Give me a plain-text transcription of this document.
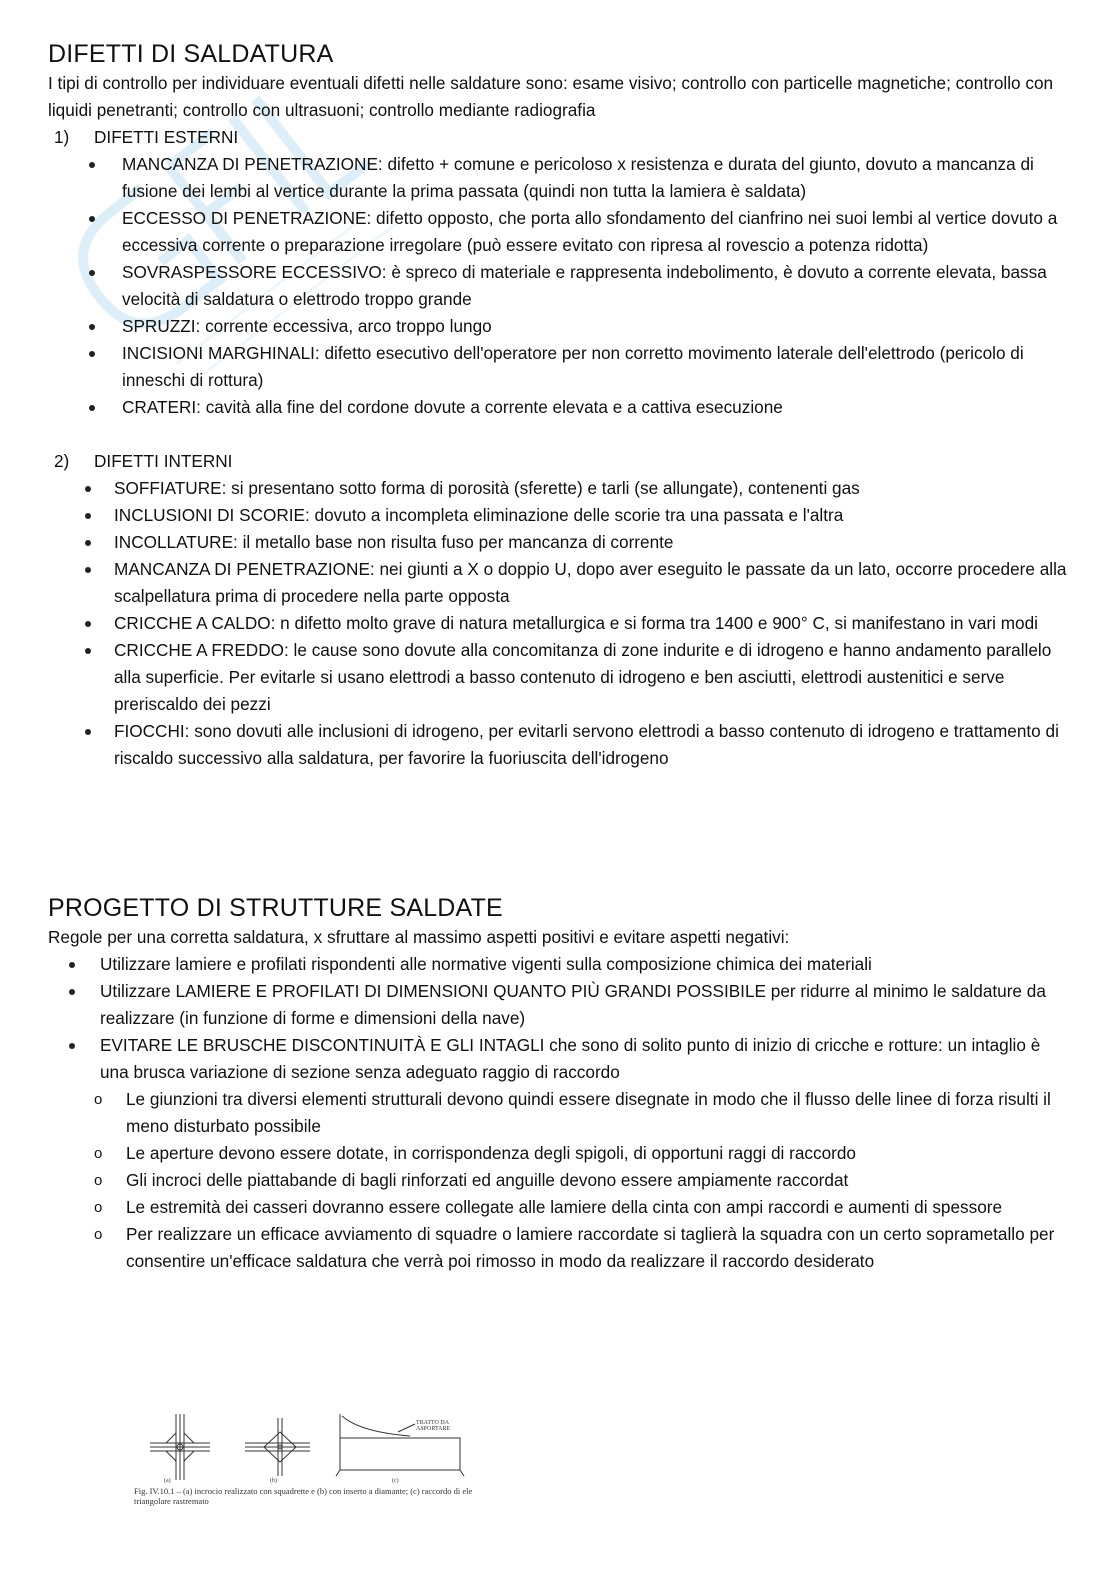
DIFETTI DI SALDATURA

I tipi di controllo per individuare eventuali difetti nelle saldature sono: esame visivo; controllo con particelle magnetiche; controllo con liquidi penetranti; controllo con ultrasuoni; controllo mediante radiografia

1) DIFETTI ESTERNI
MANCANZA DI PENETRAZIONE: difetto + comune e pericoloso x resistenza e durata del giunto, dovuto a mancanza di fusione dei lembi al vertice durante la prima passata (quindi non tutta la lamiera è saldata)
ECCESSO DI PENETRAZIONE: difetto opposto, che porta allo sfondamento del cianfrino nei suoi lembi al vertice dovuto a eccessiva corrente o preparazione irregolare (può essere evitato con ripresa al rovescio a potenza ridotta)
SOVRASPESSORE ECCESSIVO: è spreco di materiale e rappresenta indebolimento, è dovuto a corrente elevata, bassa velocità di saldatura o elettrodo troppo grande
SPRUZZI: corrente eccessiva, arco troppo lungo
INCISIONI MARGHINALI: difetto esecutivo dell'operatore per non corretto movimento laterale dell'elettrodo (pericolo di inneschi di rottura)
CRATERI: cavità alla fine del cordone dovute a corrente elevata e a cattiva esecuzione
2) DIFETTI INTERNI
SOFFIATURE: si presentano sotto forma di porosità (sferette) e tarli (se allungate), contenenti gas
INCLUSIONI DI SCORIE: dovuto a incompleta eliminazione delle scorie tra una passata e l'altra
INCOLLATURE: il metallo base non risulta fuso per mancanza di corrente
MANCANZA DI PENETRAZIONE: nei giunti a X o doppio U, dopo aver eseguito le passate da un lato, occorre procedere alla scalpellatura prima di procedere nella parte opposta
CRICCHE A CALDO: n difetto molto grave di natura metallurgica e si forma tra 1400 e 900° C, si manifestano in vari modi
CRICCHE A FREDDO: le cause sono dovute alla concomitanza di zone indurite e di idrogeno e hanno andamento parallelo alla superficie. Per evitarle si usano elettrodi a basso contenuto di idrogeno e ben asciutti, elettrodi austenitici e serve preriscaldo dei pezzi
FIOCCHI: sono dovuti alle inclusioni di idrogeno, per evitarli servono elettrodi a basso contenuto di idrogeno e trattamento di riscaldo successivo alla saldatura, per favorire la fuoriuscita dell'idrogeno
PROGETTO DI STRUTTURE SALDATE

Regole per una corretta saldatura, x sfruttare al massimo aspetti positivi e evitare aspetti negativi:

Utilizzare lamiere e profilati rispondenti alle normative vigenti sulla composizione chimica dei materiali
Utilizzare LAMIERE E PROFILATI DI DIMENSIONI QUANTO PIÙ GRANDI POSSIBILE per ridurre al minimo le saldature da realizzare (in funzione di forme e dimensioni della nave)
EVITARE LE BRUSCHE DISCONTINUITÀ E GLI INTAGLI che sono di solito punto di inizio di cricche e rotture: un intaglio è una brusca variazione di sezione senza adeguato raggio di raccordo
o Le giunzioni tra diversi elementi strutturali devono quindi essere disegnate in modo che il flusso delle linee di forza risulti il meno disturbato possibile
o Le aperture devono essere dotate, in corrispondenza degli spigoli, di opportuni raggi di raccordo
o Gli incroci delle piattabande di bagli rinforzati ed anguille devono essere ampiamente raccordat
o Le estremità dei casseri dovranno essere collegate alle lamiere della cinta con ampi raccordi e aumenti di spessore
o Per realizzare un efficace avviamento di squadre o lamiere raccordate si taglierà la squadra con un certo soprametallo per consentire un'efficace saldatura che verrà poi rimosso in modo da realizzare il raccordo desiderato
(a)	(b)	(c)
TRATTO DA ASPORTARE
Fig. IV.10.1 – (a) incrocio realizzato con squadrette e (b) con inserto a diamante; (c) raccordo di ele triangolare rastremato
